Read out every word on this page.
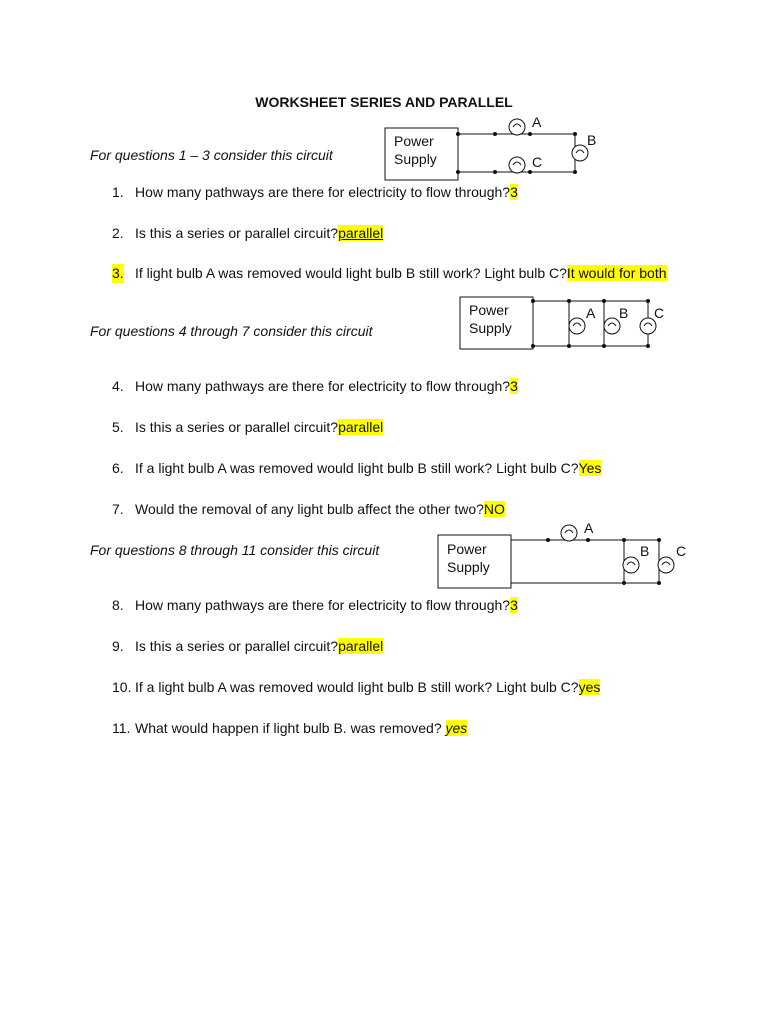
WORKSHEET SERIES AND PARALLEL
For questions 1 – 3 consider this circuit
Power
Supply
A
B
C
1. How many pathways are there for electricity to flow through?3
2. Is this a series or parallel circuit?parallel
3. If light bulb A was removed would light bulb B still work? Light bulb C?It would for both
For questions 4 through 7 consider this circuit
Power
Supply
A B C
4. How many pathways are there for electricity to flow through?3
5. Is this a series or parallel circuit?parallel
6. If a light bulb A was removed would light bulb B still work? Light bulb C?Yes
7. Would the removal of any light bulb affect the other two?NO
For questions 8 through 11 consider this circuit	Power
Supply
A
B C
8. How many pathways are there for electricity to flow through?3
9. Is this a series or parallel circuit?parallel
10. If a light bulb A was removed would light bulb B still work? Light bulb C?yes
11. What would happen if light bulb B. was removed? yes
